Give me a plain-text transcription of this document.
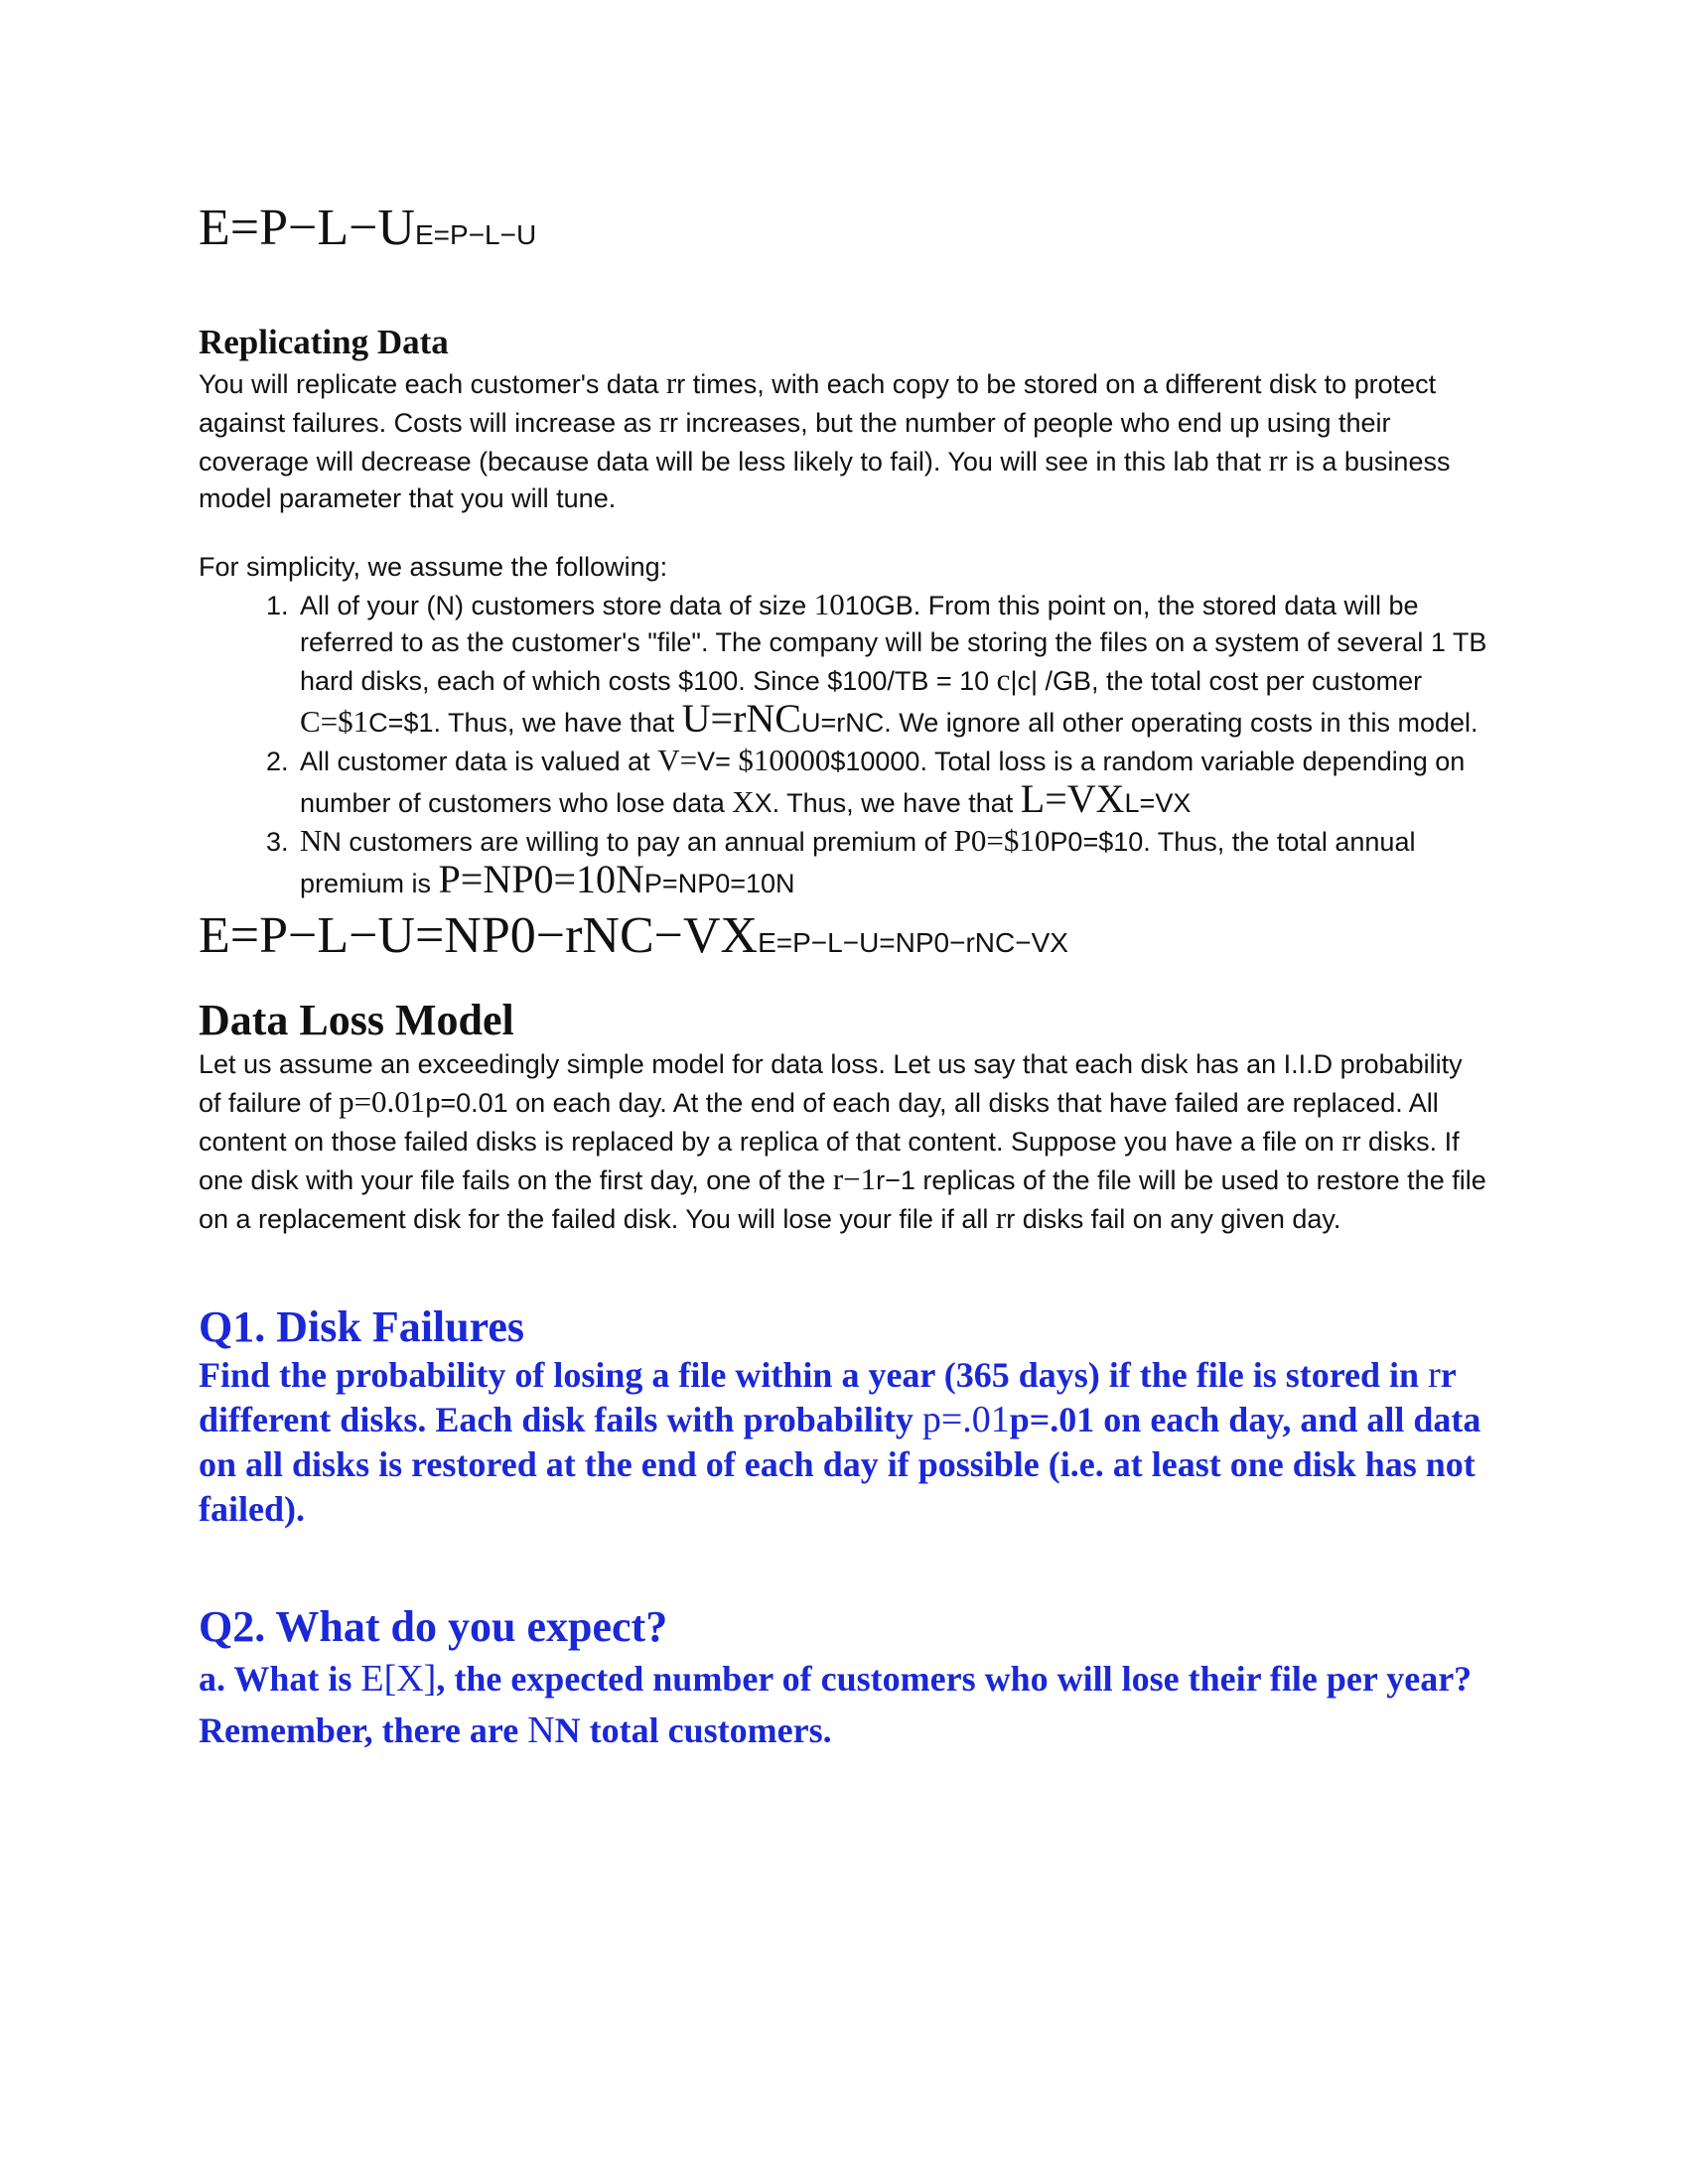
E=P−L−UE=P−L−U
Replicating Data
You will replicate each customer's data rr times, with each copy to be stored on a different disk to protect against failures. Costs will increase as rr increases, but the number of people who end up using their coverage will decrease (because data will be less likely to fail). You will see in this lab that rr is a business model parameter that you will tune.
For simplicity, we assume the following:
1. All of your (N) customers store data of size 1010GB. From this point on, the stored data will be referred to as the customer's "file". The company will be storing the files on a system of several 1 TB hard disks, each of which costs $100. Since $100/TB = 10 c|c| /GB, the total cost per customer C=$1C=$1. Thus, we have that U=rNCU=rNC. We ignore all other operating costs in this model.
2. All customer data is valued at V=V= $10000$10000. Total loss is a random variable depending on number of customers who lose data XX. Thus, we have that L=VXL=VX
3. NN customers are willing to pay an annual premium of P0=$10P0=$10. Thus, the total annual premium is P=NP0=10NP=NP0=10N
E=P−L−U=NP0−rNC−VXE=P−L−U=NP0−rNC−VX
Data Loss Model
Let us assume an exceedingly simple model for data loss. Let us say that each disk has an I.I.D probability of failure of p=0.01p=0.01 on each day. At the end of each day, all disks that have failed are replaced. All content on those failed disks is replaced by a replica of that content. Suppose you have a file on rr disks. If one disk with your file fails on the first day, one of the r−1r−1 replicas of the file will be used to restore the file on a replacement disk for the failed disk. You will lose your file if all rr disks fail on any given day.
Q1. Disk Failures
Find the probability of losing a file within a year (365 days) if the file is stored in rr different disks. Each disk fails with probability p=.01p=.01 on each day, and all data on all disks is restored at the end of each day if possible (i.e. at least one disk has not failed).
Q2. What do you expect?
a. What is E[X], the expected number of customers who will lose their file per year? Remember, there are NN total customers.
